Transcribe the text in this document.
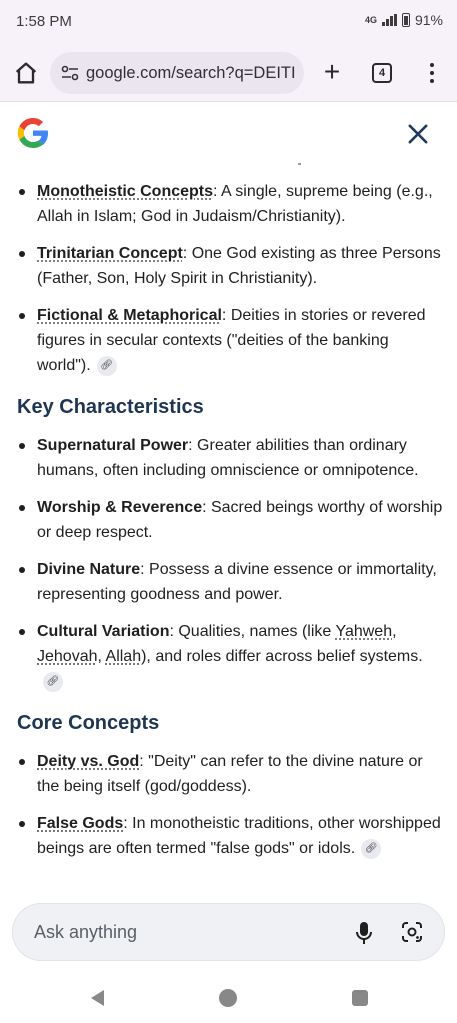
1:58 PM	4G	91%
google.com/search?q=DEITI +	4
Monotheistic Concepts: A single, supreme being (e.g., Allah in Islam; God in Judaism/Christianity).
Trinitarian Concept: One God existing as three Persons (Father, Son, Holy Spirit in Christianity).
Fictional & Metaphorical: Deities in stories or revered figures in secular contexts ("deities of the banking world"). 🔗︎
Key Characteristics
Supernatural Power: Greater abilities than ordinary humans, often including omniscience or omnipotence.
Worship & Reverence: Sacred beings worthy of worship or deep respect.
Divine Nature: Possess a divine essence or immortality, representing goodness and power.
Cultural Variation: Qualities, names (like Yahweh, Jehovah, Allah), and roles differ across belief systems.🔗︎
Core Concepts
Deity vs. God: "Deity" can refer to the divine nature or the being itself (god/goddess).
False Gods: In monotheistic traditions, other worshipped beings are often termed "false gods" or idols. 🔗︎
Ask anything
